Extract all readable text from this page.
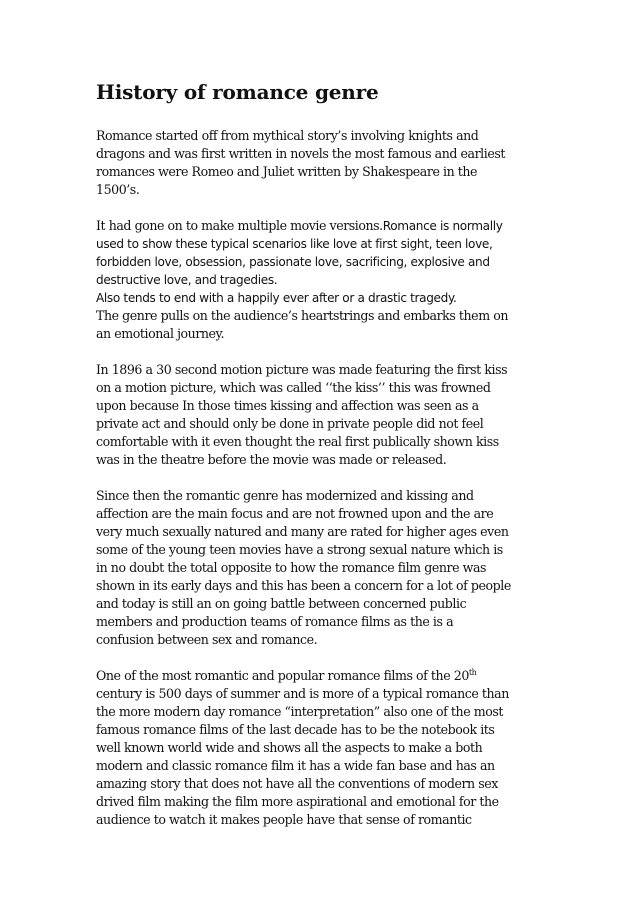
History of romance genre
Romance started off from mythical story’s involving knights and
dragons and was first written in novels the most famous and earliest
romances were Romeo and Juliet written by Shakespeare in the
1500’s.
It had gone on to make multiple movie versions.Romance is normally
used to show these typical scenarios like love at first sight, teen love,
forbidden love, obsession, passionate love, sacrificing, explosive and
destructive love, and tragedies.
Also tends to end with a happily ever after or a drastic tragedy.
The genre pulls on the audience’s heartstrings and embarks them on
an emotional journey.
In 1896 a 30 second motion picture was made featuring the first kiss
on a motion picture, which was called ‘‘the kiss’’ this was frowned
upon because In those times kissing and affection was seen as a
private act and should only be done in private people did not feel
comfortable with it even thought the real first publically shown kiss
was in the theatre before the movie was made or released.
Since then the romantic genre has modernized and kissing and
affection are the main focus and are not frowned upon and the are
very much sexually natured and many are rated for higher ages even
some of the young teen movies have a strong sexual nature which is
in no doubt the total opposite to how the romance film genre was
shown in its early days and this has been a concern for a lot of people
and today is still an on going battle between concerned public
members and production teams of romance films as the is a
confusion between sex and romance.
One of the most romantic and popular romance films of the 20th
century is 500 days of summer and is more of a typical romance than
the more modern day romance “interpretation” also one of the most
famous romance films of the last decade has to be the notebook its
well known world wide and shows all the aspects to make a both
modern and classic romance film it has a wide fan base and has an
amazing story that does not have all the conventions of modern sex
drived film making the film more aspirational and emotional for the
audience to watch it makes people have that sense of romantic
